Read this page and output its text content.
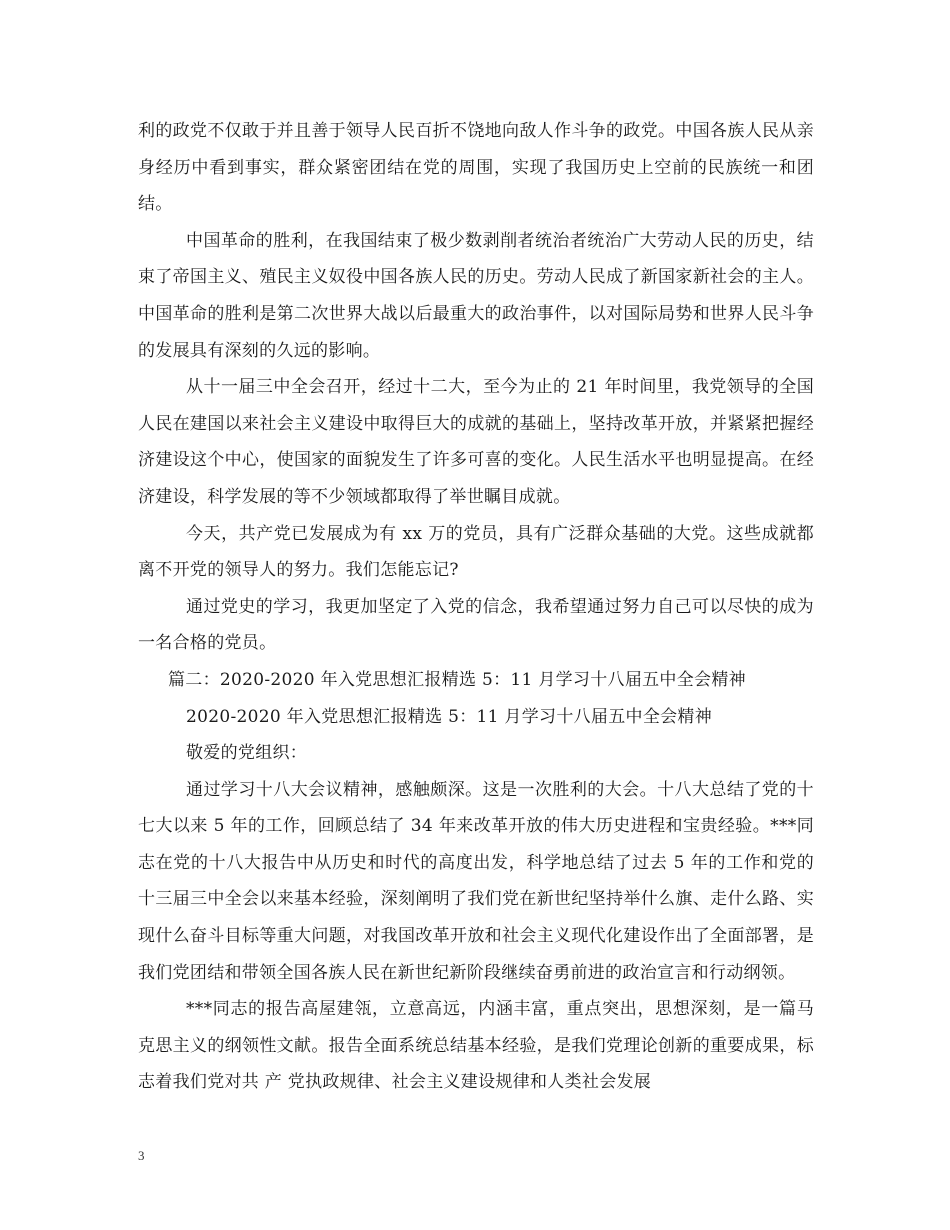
利的政党不仅敢于并且善于领导人民百折不饶地向敌人作斗争的政党。中国各族人民从亲身经历中看到事实，群众紧密团结在党的周围，实现了我国历史上空前的民族统一和团结。

中国革命的胜利，在我国结束了极少数剥削者统治者统治广大劳动人民的历史，结束了帝国主义、殖民主义奴役中国各族人民的历史。劳动人民成了新国家新社会的主人。中国革命的胜利是第二次世界大战以后最重大的政治事件，以对国际局势和世界人民斗争的发展具有深刻的久远的影响。

从十一届三中全会召开，经过十二大，至今为止的 21 年时间里，我党领导的全国人民在建国以来社会主义建设中取得巨大的成就的基础上，坚持改革开放，并紧紧把握经济建设这个中心，使国家的面貌发生了许多可喜的变化。人民生活水平也明显提高。在经济建设，科学发展的等不少领域都取得了举世瞩目成就。

今天，共产党已发展成为有 xx 万的党员，具有广泛群众基础的大党。这些成就都离不开党的领导人的努力。我们怎能忘记?

通过党史的学习，我更加坚定了入党的信念，我希望通过努力自己可以尽快的成为一名合格的党员。

篇二：2020-2020 年入党思想汇报精选 5：11 月学习十八届五中全会精神

2020-2020 年入党思想汇报精选 5：11 月学习十八届五中全会精神

敬爱的党组织：

通过学习十八大会议精神，感触颇深。这是一次胜利的大会。十八大总结了党的十七大以来 5 年的工作，回顾总结了 34 年来改革开放的伟大历史进程和宝贵经验。***同志在党的十八大报告中从历史和时代的高度出发，科学地总结了过去 5 年的工作和党的十三届三中全会以来基本经验，深刻阐明了我们党在新世纪坚持举什么旗、走什么路、实现什么奋斗目标等重大问题，对我国改革开放和社会主义现代化建设作出了全面部署，是我们党团结和带领全国各族人民在新世纪新阶段继续奋勇前进的政治宣言和行动纲领。

***同志的报告高屋建瓴，立意高远，内涵丰富，重点突出，思想深刻，是一篇马克思主义的纲领性文献。报告全面系统总结基本经验，是我们党理论创新的重要成果，标志着我们党对共 产 党执政规律、社会主义建设规律和人类社会发展

3
